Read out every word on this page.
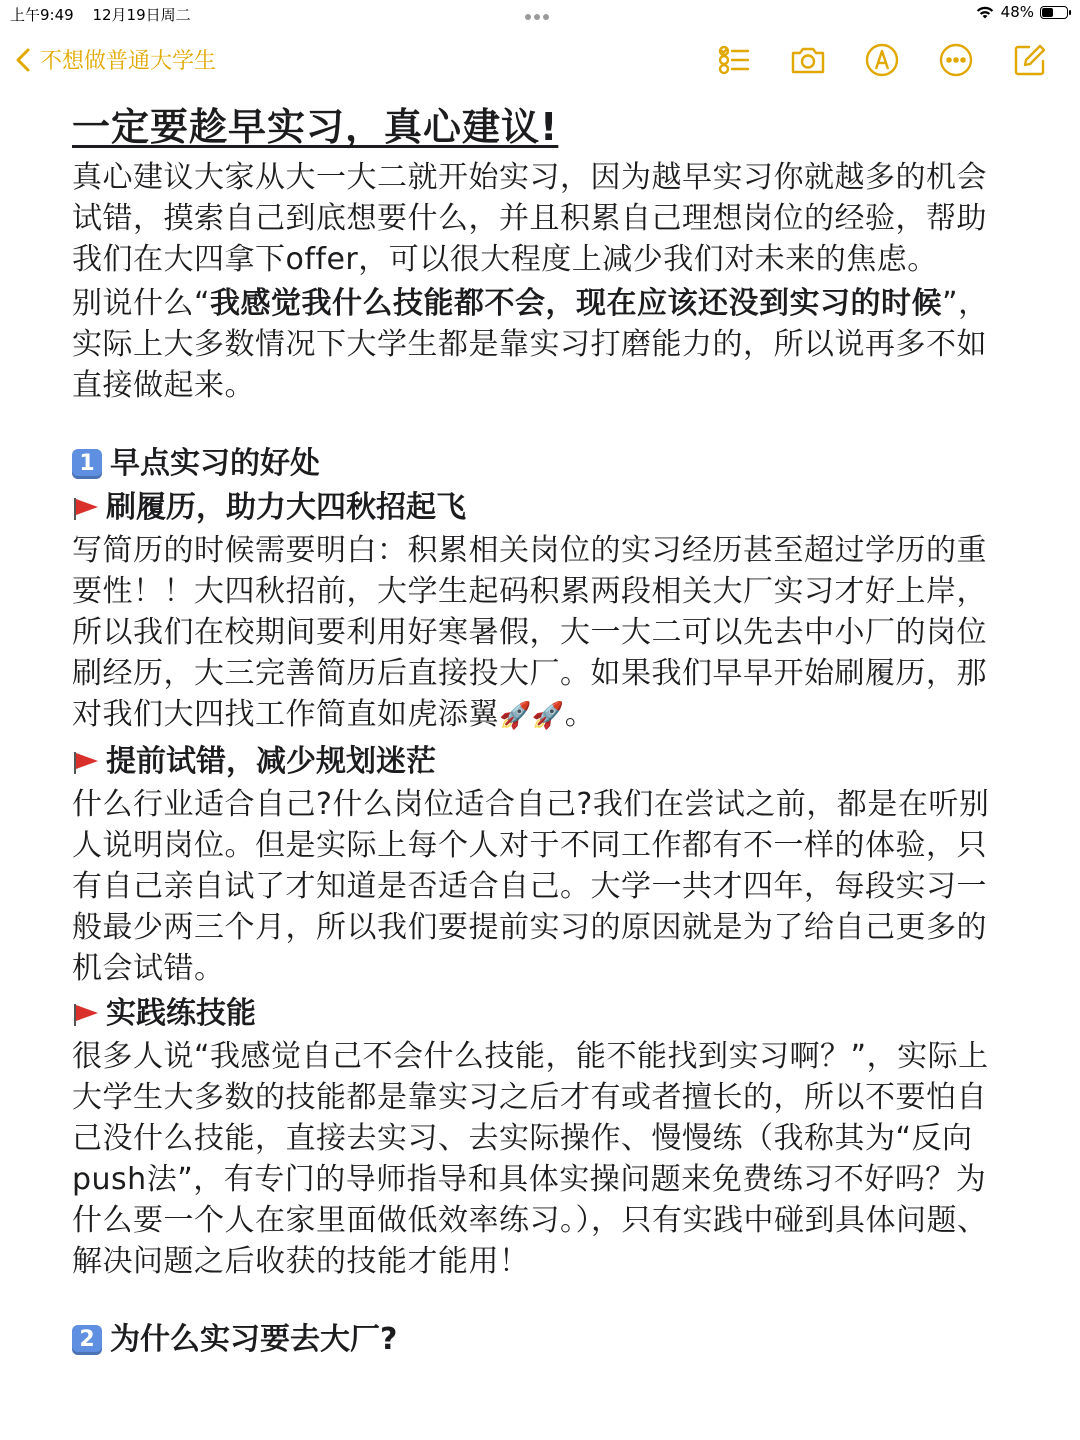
上午9:49 12月19日周二	48%
不想做普通大学生
一定要趁早实习，真心建议!

真心建议大家从大一大二就开始实习，因为越早实习你就越多的机会试错，摸索自己到底想要什么，并且积累自己理想岗位的经验，帮助我们在大四拿下offer，可以很大程度上减少我们对未来的焦虑。

别说什么“我感觉我什么技能都不会，现在应该还没到实习的时候”，实际上大多数情况下大学生都是靠实习打磨能力的，所以说再多不如直接做起来。

1 早点实习的好处
刷履历，助力大四秋招起飞

写简历的时候需要明白：积累相关岗位的实习经历甚至超过学历的重要性！！大四秋招前，大学生起码积累两段相关大厂实习才好上岸，所以我们在校期间要利用好寒暑假，大一大二可以先去中小厂的岗位刷经历，大三完善简历后直接投大厂。如果我们早早开始刷履历，那对我们大四找工作简直如虎添翼🚀🚀。

提前试错，减少规划迷茫

什么行业适合自己?什么岗位适合自己?我们在尝试之前，都是在听别人说明岗位。但是实际上每个人对于不同工作都有不一样的体验，只有自己亲自试了才知道是否适合自己。大学一共才四年，每段实习一般最少两三个月，所以我们要提前实习的原因就是为了给自己更多的机会试错。

实践练技能

很多人说“我感觉自己不会什么技能，能不能找到实习啊？”，实际上大学生大多数的技能都是靠实习之后才有或者擅长的，所以不要怕自己没什么技能，直接去实习、去实际操作、慢慢练（我称其为“反向push法”，有专门的导师指导和具体实操问题来免费练习不好吗？为什么要一个人在家里面做低效率练习。），只有实践中碰到具体问题、解决问题之后收获的技能才能用！

2 为什么实习要去大厂?
